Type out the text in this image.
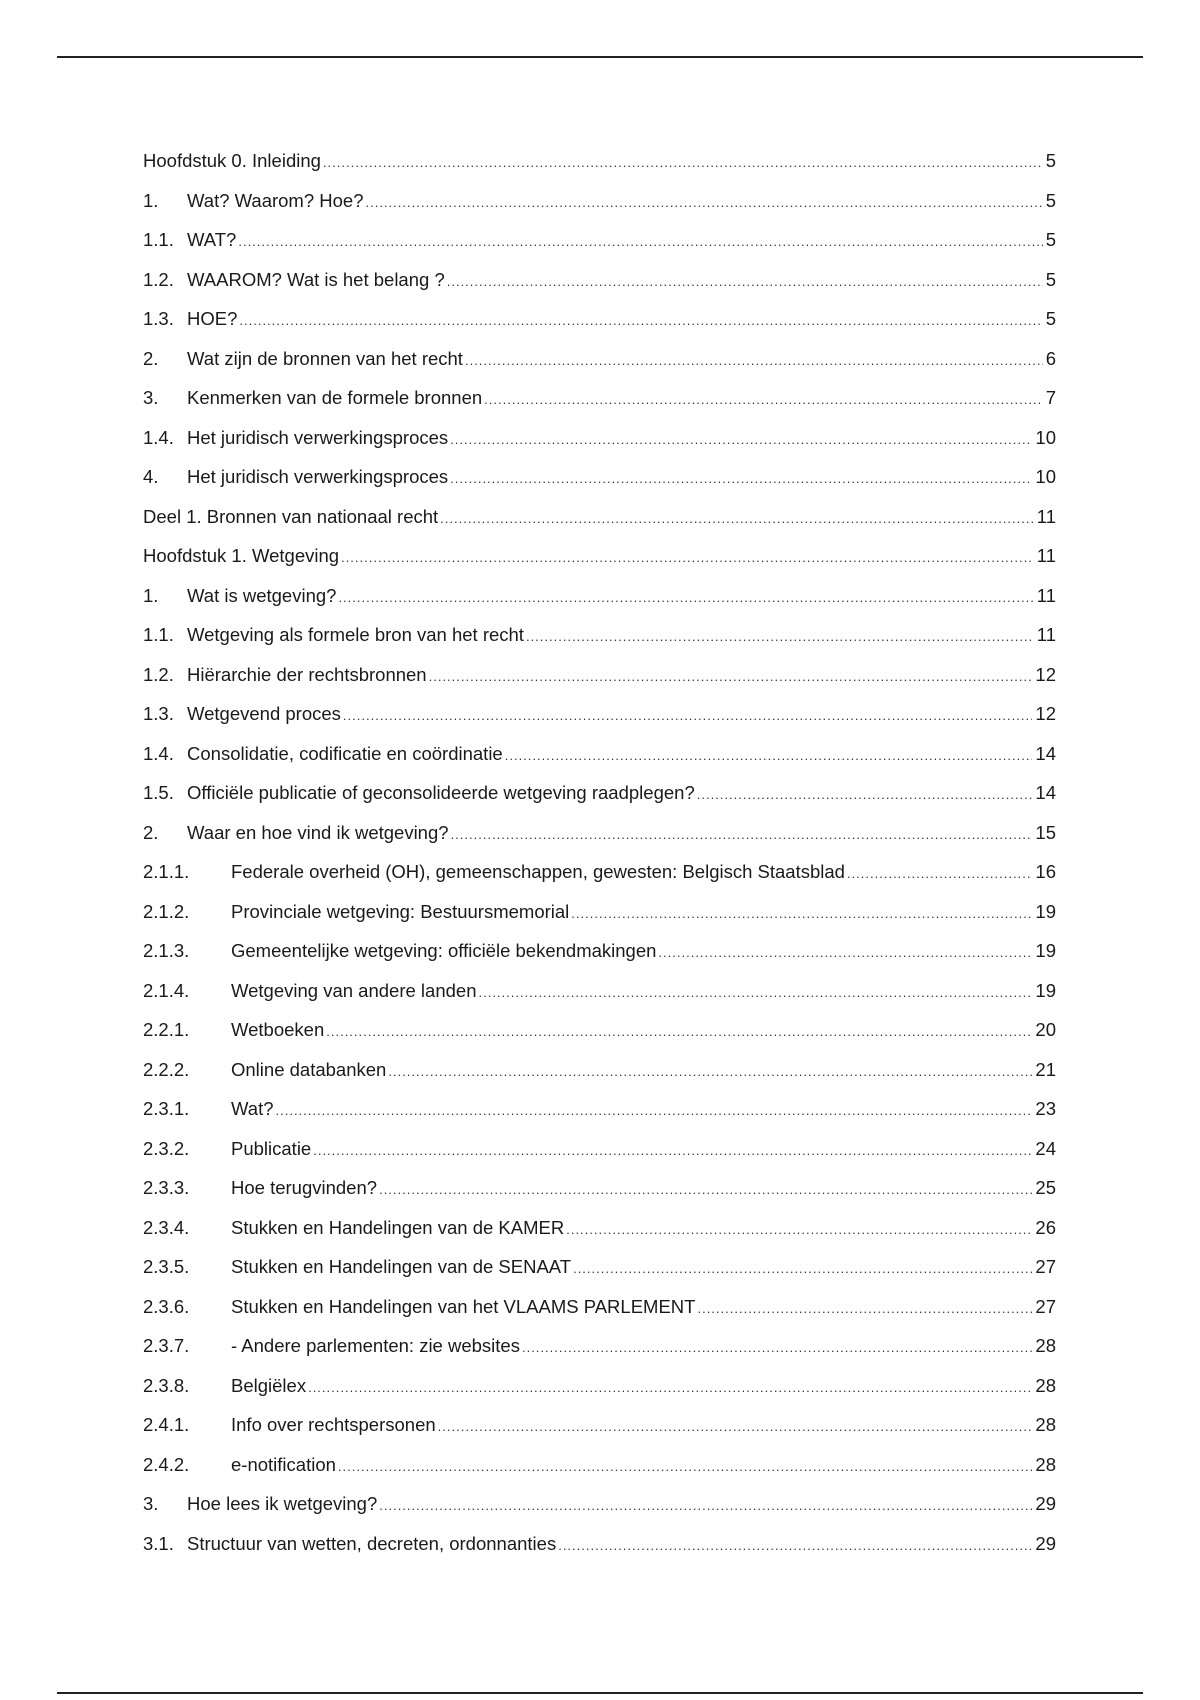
Hoofdstuk 0. Inleiding .....	5
1.	Wat? Waarom? Hoe? .....	5
1.1. WAT? .....	5
1.2. WAAROM? Wat is het belang ? .....	5
1.3. HOE? .....	5
2.	Wat zijn de bronnen van het recht .....	6
3.	Kenmerken van de formele bronnen .....	7
1.4. Het juridisch verwerkingsproces .....	10
4.	Het juridisch verwerkingsproces .....	10
Deel 1. Bronnen van nationaal recht .....	11
Hoofdstuk 1. Wetgeving .....	11
1.	Wat is wetgeving? .....	11
1.1. Wetgeving als formele bron van het recht .....	11
1.2. Hiërarchie der rechtsbronnen .....	12
1.3. Wetgevend proces .....	12
1.4. Consolidatie, codificatie en coördinatie .....	14
1.5. Officiële publicatie of geconsolideerde wetgeving raadplegen? .....	14
2.	Waar en hoe vind ik wetgeving? .....	15
2.1.1.	Federale overheid (OH), gemeenschappen, gewesten: Belgisch Staatsblad .....	16
2.1.2.	Provinciale wetgeving: Bestuursmemorial .....	19
2.1.3.	Gemeentelijke wetgeving: officiële bekendmakingen .....	19
2.1.4.	Wetgeving van andere landen .....	19
2.2.1.	Wetboeken .....	20
2.2.2.	Online databanken .....	21
2.3.1.	Wat? .....	23
2.3.2.	Publicatie .....	24
2.3.3.	Hoe terugvinden? .....	25
2.3.4.	Stukken en Handelingen van de KAMER .....	26
2.3.5.	Stukken en Handelingen van de SENAAT .....	27
2.3.6.	Stukken en Handelingen van het VLAAMS PARLEMENT .....	27
2.3.7.	- Andere parlementen: zie websites .....	28
2.3.8.	Belgiëlex .....	28
2.4.1.	Info over rechtspersonen .....	28
2.4.2.	e-notification .....	28
3.	Hoe lees ik wetgeving? .....	29
3.1. Structuur van wetten, decreten, ordonnanties .....	29
